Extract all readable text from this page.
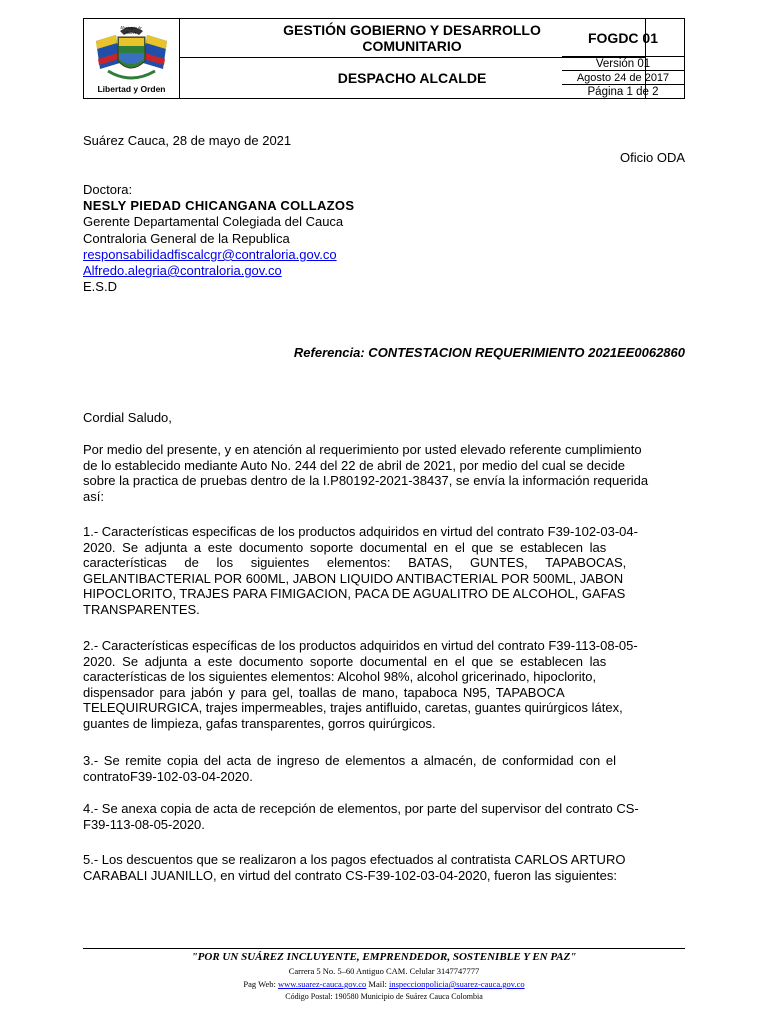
Municipio de
Suárez
Libertad y Orden
GESTIÓN GOBIERNO Y DESARROLLO
COMUNITARIO
DESPACHO ALCALDE
FOGDC 01
Versión 01
Agosto 24 de 2017
Página 1 de 2
Suárez Cauca, 28 de mayo de 2021
Oficio ODA
Doctora:
NESLY PIEDAD CHICANGANA COLLAZOS
Gerente Departamental Colegiada del Cauca
Contraloria General de la Republica
responsabilidadfiscalcgr@contraloria.gov.co
Alfredo.alegria@contraloria.gov.co
E.S.D
Referencia: CONTESTACION REQUERIMIENTO 2021EE0062860
Cordial Saludo,
Por medio del presente, y en atención al requerimiento por usted elevado referente cumplimiento
de lo establecido mediante Auto No. 244 del 22 de abril de 2021, por medio del cual se decide
sobre la practica de pruebas dentro de la I.P80192-2021-38437, se envía la información requerida
así:
1.- Características especificas de los productos adquiridos en virtud del contrato F39-102-03-04-
2020. Se adjunta a este documento soporte documental en el que se establecen las
características de los siguientes elementos: BATAS, GUNTES, TAPABOCAS,
GELANTIBACTERIAL POR 600ML, JABON LIQUIDO ANTIBACTERIAL POR 500ML, JABON
HIPOCLORITO, TRAJES PARA FIMIGACION, PACA DE AGUALITRO DE ALCOHOL, GAFAS
TRANSPARENTES.
2.- Características específicas de los productos adquiridos en virtud del contrato F39-113-08-05-
2020. Se adjunta a este documento soporte documental en el que se establecen las
características de los siguientes elementos: Alcohol 98%, alcohol gricerinado, hipoclorito,
dispensador para jabón y para gel, toallas de mano, tapaboca N95, TAPABOCA
TELEQUIRURGICA, trajes impermeables, trajes antifluido, caretas, guantes quirúrgicos látex,
guantes de limpieza, gafas transparentes, gorros quirúrgicos.
3.- Se remite copia del acta de ingreso de elementos a almacén, de conformidad con el
contratoF39-102-03-04-2020.
4.- Se anexa copia de acta de recepción de elementos, por parte del supervisor del contrato CS-
F39-113-08-05-2020.
5.- Los descuentos que se realizaron a los pagos efectuados al contratista CARLOS ARTURO
CARABALI JUANILLO, en virtud del contrato CS-F39-102-03-04-2020, fueron las siguientes:
"POR UN SUÁREZ INCLUYENTE, EMPRENDEDOR, SOSTENIBLE Y EN PAZ"
Carrera 5 No. 5–60 Antiguo CAM. Celular 3147747777
Pag Web: www.suarez-cauca.gov.co Mail: inspeccionpolicia@suarez-cauca.gov.co
Código Postal: 190580 Municipio de Suárez Cauca Colombia
